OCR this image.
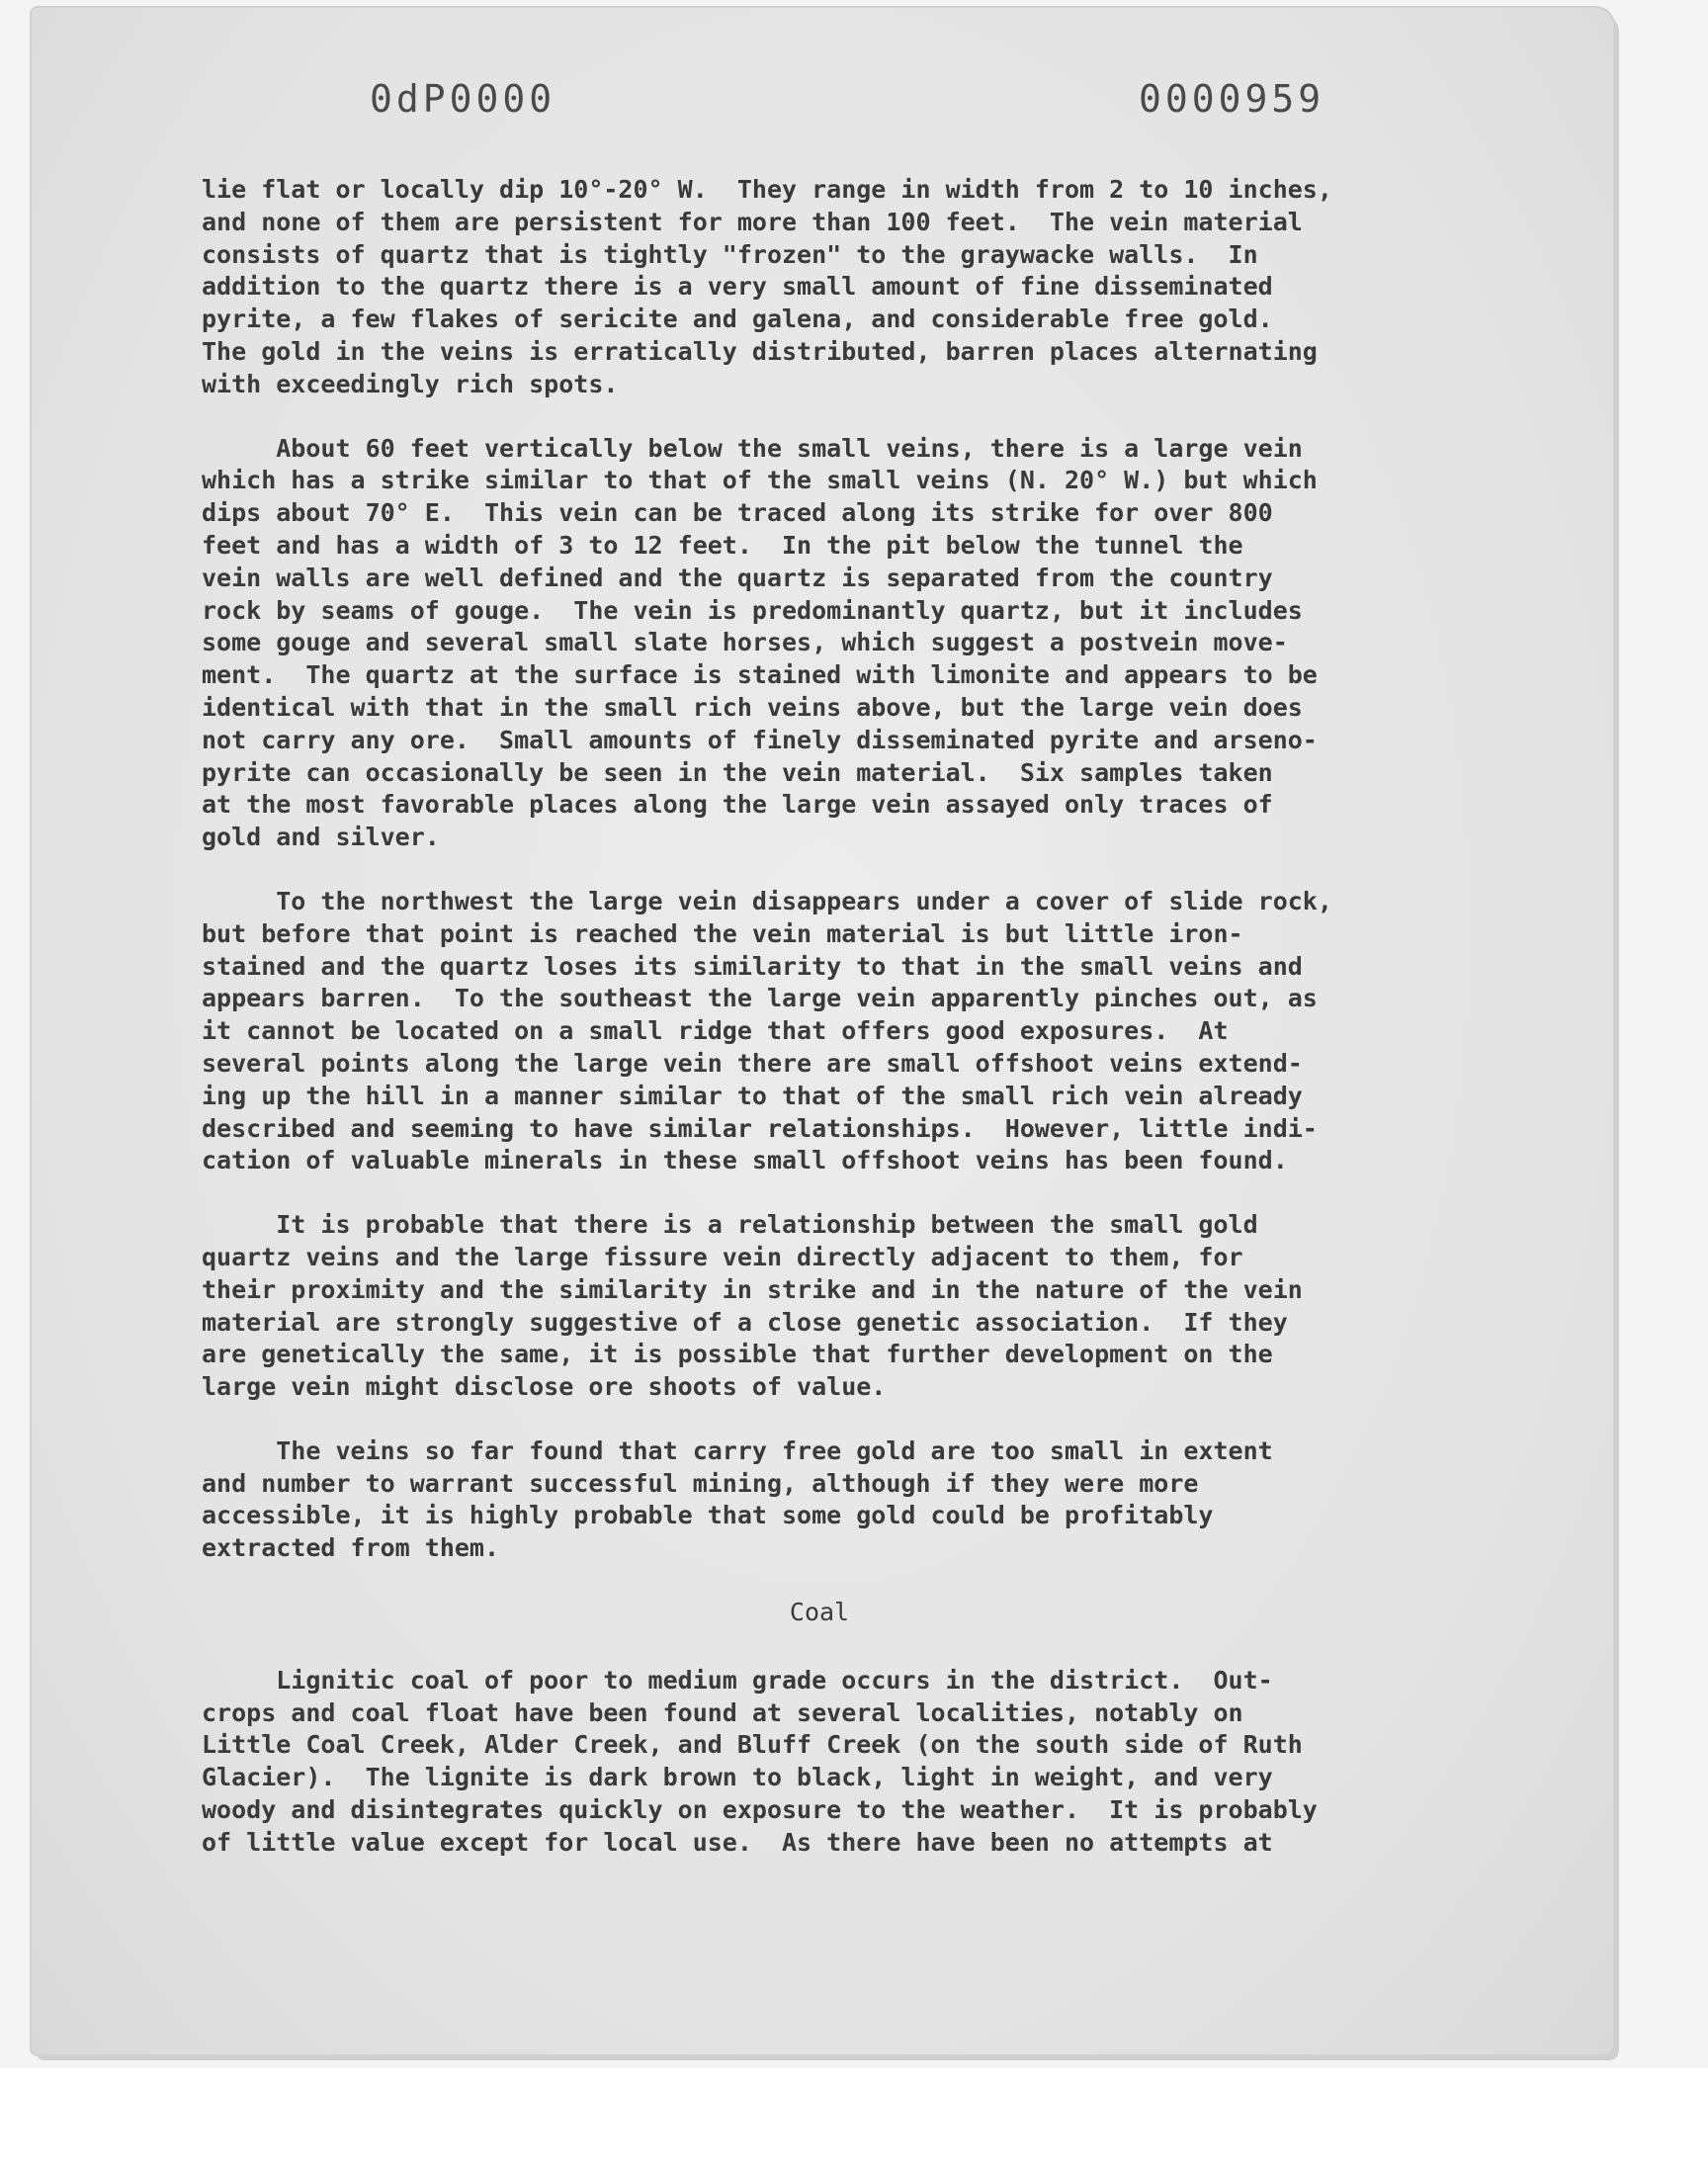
0dP0000	0000959
lie flat or locally dip 10°-20° W.  They range in width from 2 to 10 inches,
and none of them are persistent for more than 100 feet.  The vein material
consists of quartz that is tightly "frozen" to the graywacke walls.  In
addition to the quartz there is a very small amount of fine disseminated
pyrite, a few flakes of sericite and galena, and considerable free gold.
The gold in the veins is erratically distributed, barren places alternating
with exceedingly rich spots.
About 60 feet vertically below the small veins, there is a large vein
which has a strike similar to that of the small veins (N. 20° W.) but which
dips about 70° E.  This vein can be traced along its strike for over 800
feet and has a width of 3 to 12 feet.  In the pit below the tunnel the
vein walls are well defined and the quartz is separated from the country
rock by seams of gouge.  The vein is predominantly quartz, but it includes
some gouge and several small slate horses, which suggest a postvein move-
ment.  The quartz at the surface is stained with limonite and appears to be
identical with that in the small rich veins above, but the large vein does
not carry any ore.  Small amounts of finely disseminated pyrite and arseno-
pyrite can occasionally be seen in the vein material.  Six samples taken
at the most favorable places along the large vein assayed only traces of
gold and silver.
To the northwest the large vein disappears under a cover of slide rock,
but before that point is reached the vein material is but little iron-
stained and the quartz loses its similarity to that in the small veins and
appears barren.  To the southeast the large vein apparently pinches out, as
it cannot be located on a small ridge that offers good exposures.  At
several points along the large vein there are small offshoot veins extend-
ing up the hill in a manner similar to that of the small rich vein already
described and seeming to have similar relationships.  However, little indi-
cation of valuable minerals in these small offshoot veins has been found.
It is probable that there is a relationship between the small gold
quartz veins and the large fissure vein directly adjacent to them, for
their proximity and the similarity in strike and in the nature of the vein
material are strongly suggestive of a close genetic association.  If they
are genetically the same, it is possible that further development on the
large vein might disclose ore shoots of value.
The veins so far found that carry free gold are too small in extent
and number to warrant successful mining, although if they were more
accessible, it is highly probable that some gold could be profitably
extracted from them.
Coal
Lignitic coal of poor to medium grade occurs in the district.  Out-
crops and coal float have been found at several localities, notably on
Little Coal Creek, Alder Creek, and Bluff Creek (on the south side of Ruth
Glacier).  The lignite is dark brown to black, light in weight, and very
woody and disintegrates quickly on exposure to the weather.  It is probably
of little value except for local use.  As there have been no attempts at
